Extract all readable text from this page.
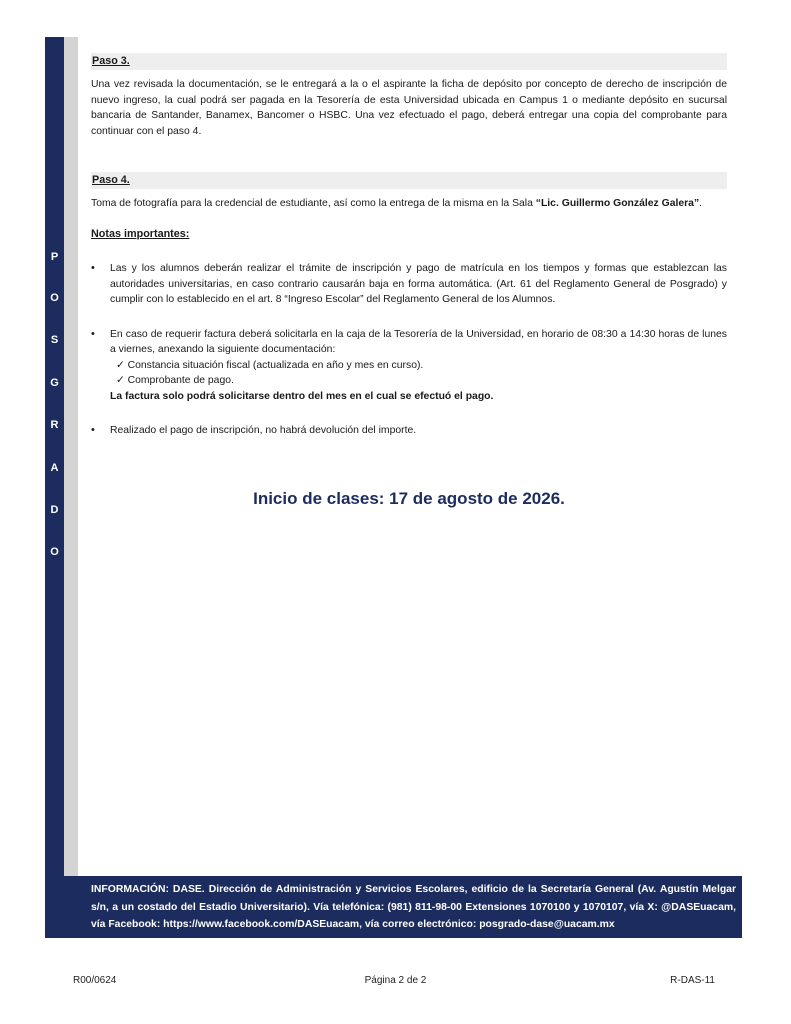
P
O
S
G
R
A
D
O
Paso 3.

Una vez revisada la documentación, se le entregará a la o el aspirante la ficha de depósito por concepto de derecho de inscripción de nuevo ingreso, la cual podrá ser pagada en la Tesorería de esta Universidad ubicada en Campus 1 o mediante depósito en sucursal bancaria de Santander, Banamex, Bancomer o HSBC. Una vez efectuado el pago, deberá entregar una copia del comprobante para continuar con el paso 4.

Paso 4.

Toma de fotografía para la credencial de estudiante, así como la entrega de la misma en la Sala “Lic. Guillermo González Galera”.

Notas importantes:
• Las y los alumnos deberán realizar el trámite de inscripción y pago de matrícula en los tiempos y formas que establezcan las autoridades universitarias, en caso contrario causarán baja en forma automática. (Art. 61 del Reglamento General de Posgrado) y cumplir con lo establecido en el art. 8 “Ingreso Escolar” del Reglamento General de los Alumnos.
• En caso de requerir factura deberá solicitarla en la caja de la Tesorería de la Universidad, en horario de 08:30 a 14:30 horas de lunes a viernes, anexando la siguiente documentación:
✓ Constancia situación fiscal (actualizada en año y mes en curso).
✓ Comprobante de pago.
La factura solo podrá solicitarse dentro del mes en el cual se efectuó el pago.
• Realizado el pago de inscripción, no habrá devolución del importe.
Inicio de clases: 17 de agosto de 2026.
INFORMACIÓN: DASE. Dirección de Administración y Servicios Escolares, edificio de la Secretaría General (Av. Agustín Melgar s/n, a un costado del Estadio Universitario). Vía telefónica: (981) 811-98-00 Extensiones 1070100 y 1070107, vía X: @DASEuacam, vía Facebook: https://www.facebook.com/DASEuacam, vía correo electrónico: posgrado-dase@uacam.mx
R00/0624	Página 2 de 2	R-DAS-11
